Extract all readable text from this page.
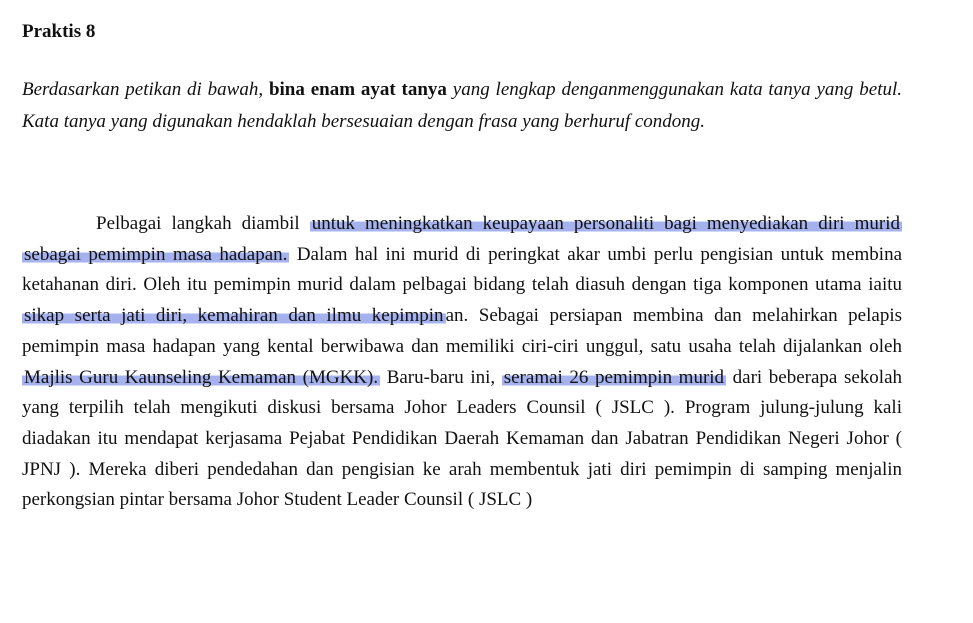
Praktis 8
Berdasarkan petikan di bawah, bina enam ayat tanya yang lengkap denganmenggunakan kata tanya yang betul. Kata tanya yang digunakan hendaklah bersesuaian dengan frasa yang berhuruf condong.
Pelbagai langkah diambil untuk meningkatkan keupayaan personaliti bagi menyediakan diri murid sebagai pemimpin masa hadapan. Dalam hal ini murid di peringkat akar umbi perlu pengisian untuk membina ketahanan diri. Oleh itu pemimpin murid dalam pelbagai bidang telah diasuh dengan tiga komponen utama iaitu sikap serta jati diri, kemahiran dan ilmu kepimpin an. Sebagai persiapan membina dan melahirkan pelapis pemimpin masa hadapan yang kental berwibawa dan memiliki ciri-ciri unggul, satu usaha telah dijalankan oleh Majlis Guru Kaunseling Kemaman (MGKK). Baru-baru ini, seramai 26 pemimpin murid dari beberapa sekolah yang terpilih telah mengikuti diskusi bersama Johor Leaders Counsil ( JSLC ). Program julung-julung kali diadakan itu mendapat kerjasama Pejabat Pendidikan Daerah Kemaman dan Jabatran Pendidikan Negeri Johor ( JPNJ ). Mereka diberi pendedahan dan pengisian ke arah membentuk jati diri pemimpin di samping menjalin perkongsian pintar bersama Johor Student Leader Counsil ( JSLC )
